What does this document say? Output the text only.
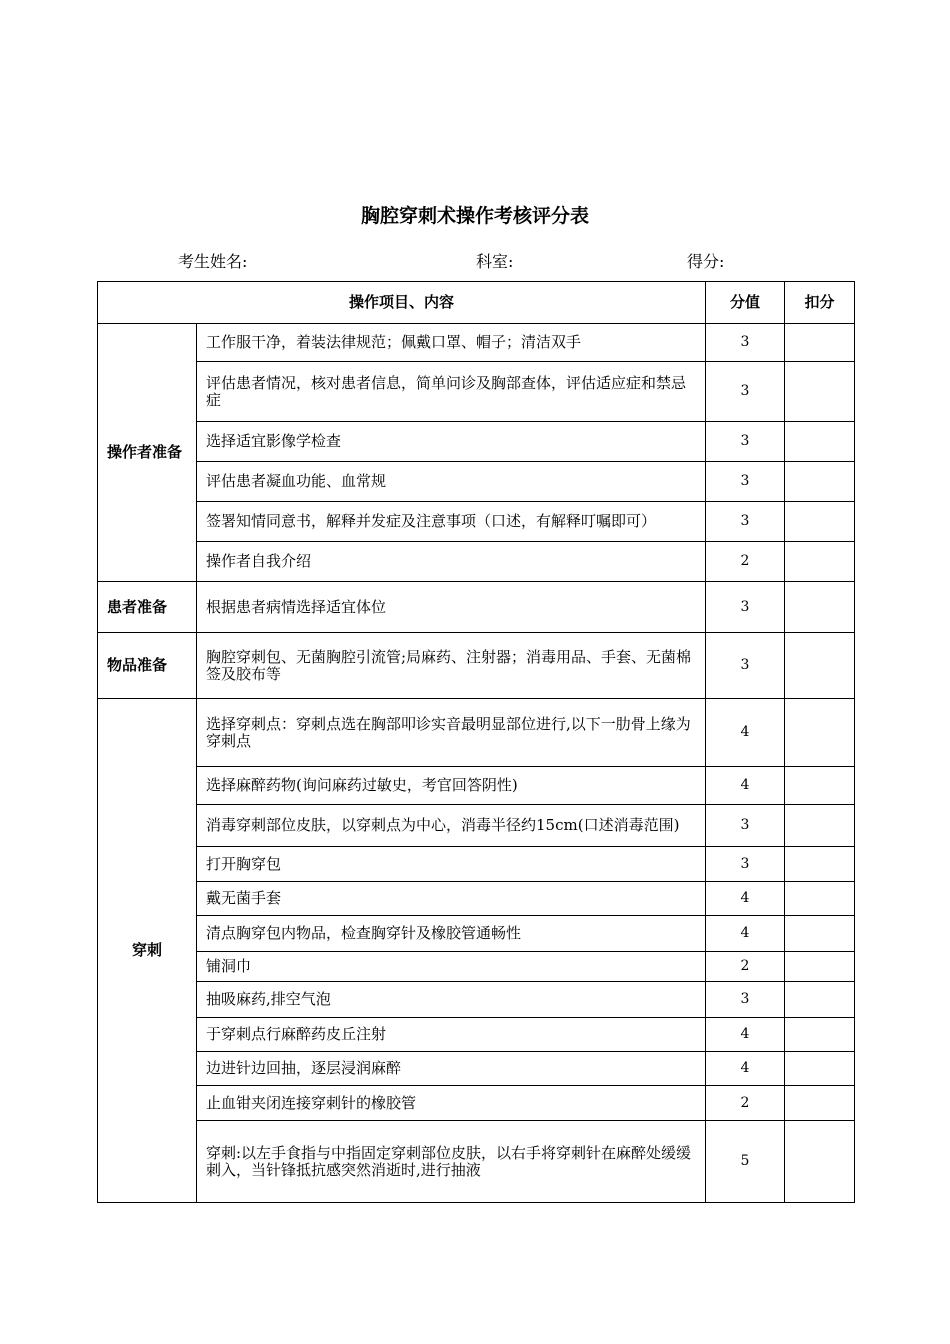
胸腔穿刺术操作考核评分表
考生姓名:	科室:	得分:
操作项目、内容		分值	扣分
操作者准备	工作服干净，着装法律规范；佩戴口罩、帽子；清洁双手	3	
	评估患者情况，核对患者信息，简单问诊及胸部查体，评估适应症和禁忌症	3	
	选择适宜影像学检查	3	
	评估患者凝血功能、血常规	3	
	签署知情同意书，解释并发症及注意事项（口述，有解释叮嘱即可）	3	
	操作者自我介绍	2	
患者准备	根据患者病情选择适宜体位	3	
物品准备	胸腔穿刺包、无菌胸腔引流管;局麻药、注射器；消毒用品、手套、无菌棉签及胶布等	3	
穿刺	选择穿刺点：穿刺点选在胸部叩诊实音最明显部位进行,以下一肋骨上缘为穿刺点	4	
	选择麻醉药物(询问麻药过敏史，考官回答阴性)	4	
	消毒穿刺部位皮肤，以穿刺点为中心，消毒半径约15cm(口述消毒范围)	3	
	打开胸穿包	3	
	戴无菌手套	4	
	清点胸穿包内物品，检查胸穿针及橡胶管通畅性	4	
	铺洞巾	2	
	抽吸麻药,排空气泡	3	
	于穿刺点行麻醉药皮丘注射	4	
	边进针边回抽，逐层浸润麻醉	4	
	止血钳夹闭连接穿刺针的橡胶管	2	
	穿刺:以左手食指与中指固定穿刺部位皮肤，以右手将穿刺针在麻醉处缓缓刺入，当针锋抵抗感突然消逝时,进行抽液	5	
